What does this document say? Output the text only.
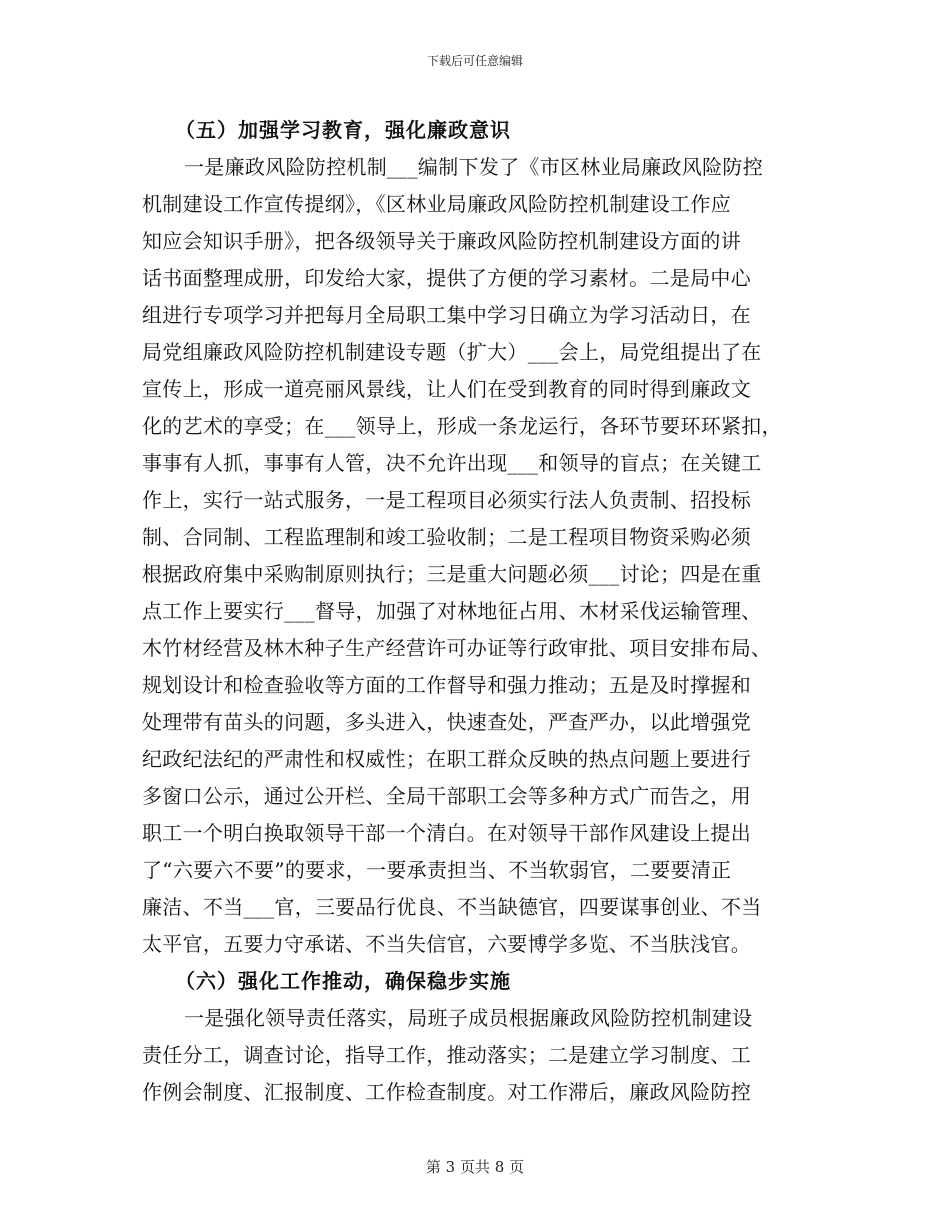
下载后可任意编辑
（五）加强学习教育，强化廉政意识
一是廉政风险防控机制___编制下发了《市区林业局廉政风险防控
机制建设工作宣传提纲》，《区林业局廉政风险防控机制建设工作应
知应会知识手册》，把各级领导关于廉政风险防控机制建设方面的讲
话书面整理成册，印发给大家，提供了方便的学习素材。二是局中心
组进行专项学习并把每月全局职工集中学习日确立为学习活动日，在
局党组廉政风险防控机制建设专题（扩大）___会上，局党组提出了在
宣传上，形成一道亮丽风景线，让人们在受到教育的同时得到廉政文
化的艺术的享受；在___领导上，形成一条龙运行，各环节要环环紧扣，
事事有人抓，事事有人管，决不允许出现___和领导的盲点；在关键工
作上，实行一站式服务，一是工程项目必须实行法人负责制、招投标
制、合同制、工程监理制和竣工验收制；二是工程项目物资采购必须
根据政府集中采购制原则执行；三是重大问题必须___讨论；四是在重
点工作上要实行___督导，加强了对林地征占用、木材采伐运输管理、
木竹材经营及林木种子生产经营许可办证等行政审批、项目安排布局、
规划设计和检查验收等方面的工作督导和强力推动；五是及时撑握和
处理带有苗头的问题，多头进入，快速查处，严查严办，以此增强党
纪政纪法纪的严肃性和权威性；在职工群众反映的热点问题上要进行
多窗口公示，通过公开栏、全局干部职工会等多种方式广而告之，用
职工一个明白换取领导干部一个清白。在对领导干部作风建设上提出
了“六要六不要”的要求，一要承责担当、不当软弱官，二要要清正
廉洁、不当___官，三要品行优良、不当缺德官，四要谋事创业、不当
太平官，五要力守承诺、不当失信官，六要博学多览、不当肤浅官。
（六）强化工作推动，确保稳步实施
一是强化领导责任落实，局班子成员根据廉政风险防控机制建设
责任分工，调查讨论，指导工作，推动落实；二是建立学习制度、工
作例会制度、汇报制度、工作检查制度。对工作滞后，廉政风险防控
第 3 页共 8 页
